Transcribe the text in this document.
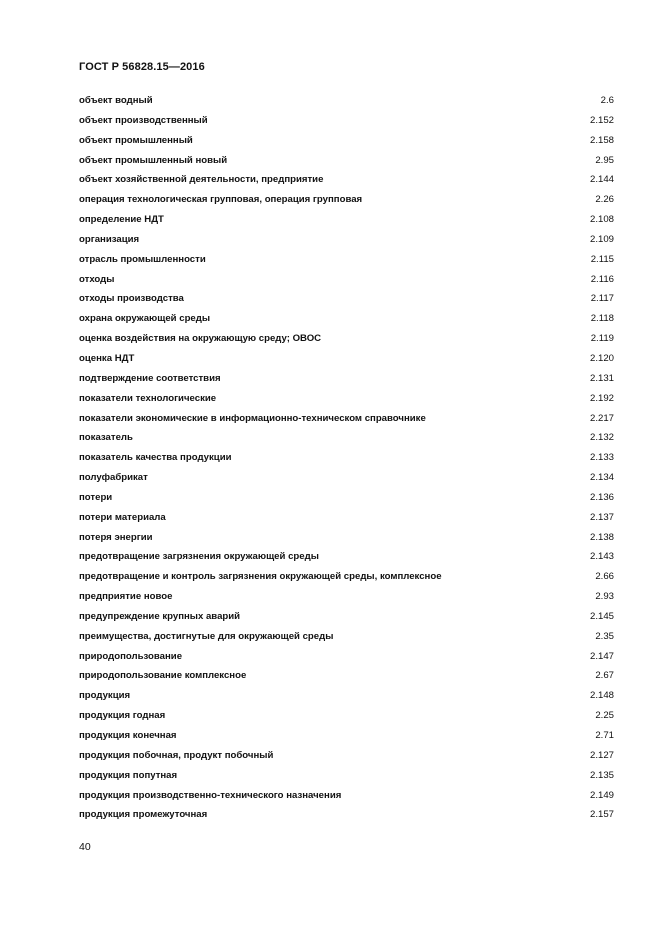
ГОСТ Р 56828.15—2016
объект водный	2.6
объект производственный	2.152
объект промышленный	2.158
объект промышленный новый	2.95
объект хозяйственной деятельности, предприятие	2.144
операция технологическая групповая, операция групповая	2.26
определение НДТ	2.108
организация	2.109
отрасль промышленности	2.115
отходы	2.116
отходы производства	2.117
охрана окружающей среды	2.118
оценка воздействия на окружающую среду; ОВОС	2.119
оценка НДТ	2.120
подтверждение соответствия	2.131
показатели технологические	2.192
показатели экономические в информационно-техническом справочнике	2.217
показатель	2.132
показатель качества продукции	2.133
полуфабрикат	2.134
потери	2.136
потери материала	2.137
потеря энергии	2.138
предотвращение загрязнения окружающей среды	2.143
предотвращение и контроль загрязнения окружающей среды, комплексное	2.66
предприятие новое	2.93
предупреждение крупных аварий	2.145
преимущества, достигнутые для окружающей среды	2.35
природопользование	2.147
природопользование комплексное	2.67
продукция	2.148
продукция годная	2.25
продукция конечная	2.71
продукция побочная, продукт побочный	2.127
продукция попутная	2.135
продукция производственно-технического назначения	2.149
продукция промежуточная	2.157
40
